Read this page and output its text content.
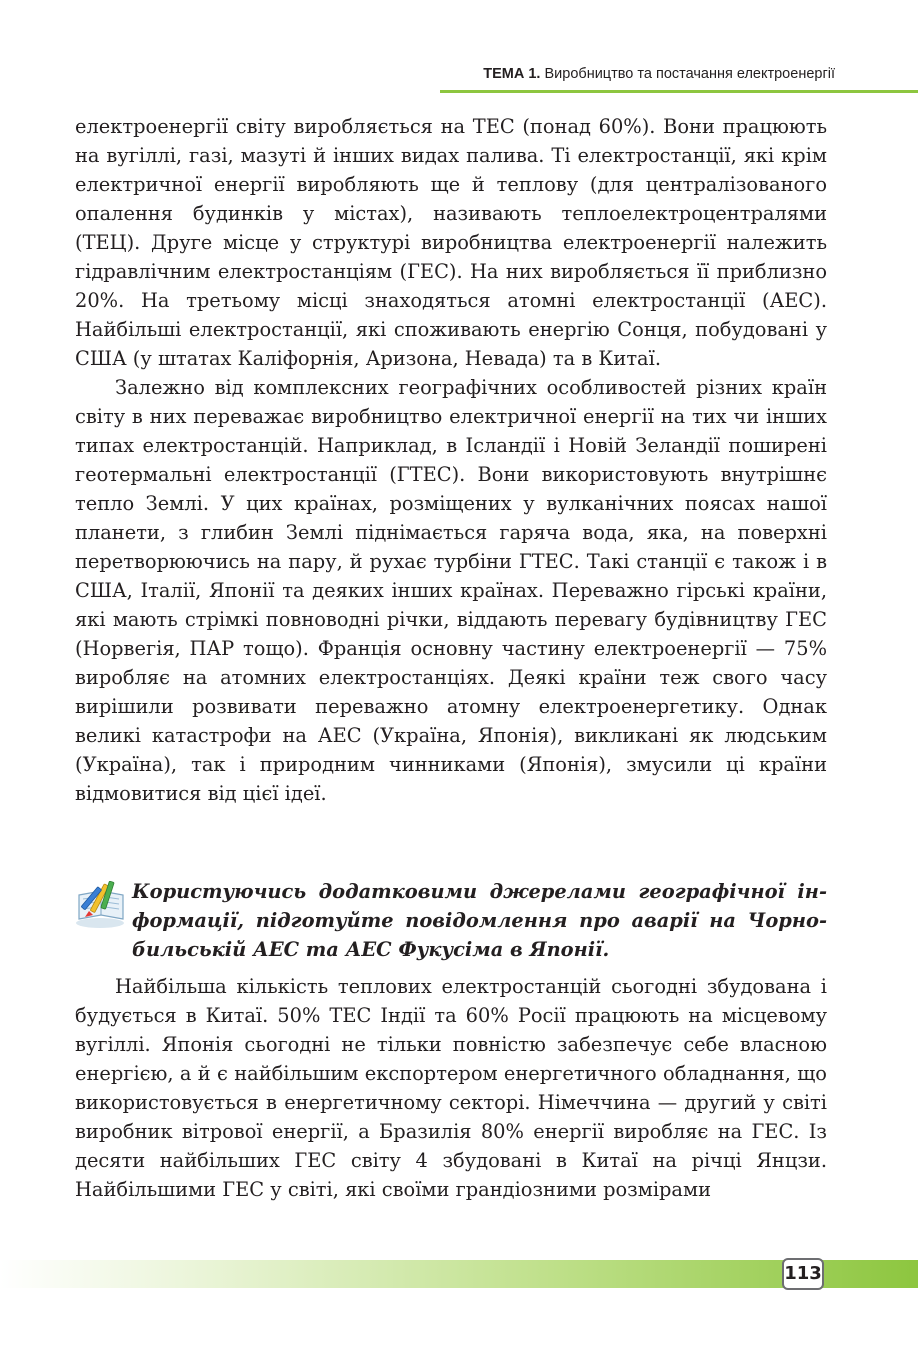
ТЕМА 1. Виробництво та постачання електроенергії

електроенергії світу виробляється на ТЕС (понад 60%). Вони працюють на вугіллі, газі, мазуті й інших видах палива. Ті електростанції, які крім електричної енергії виробляють ще й теплову (для централізованого опалення будинків у містах), називають теплоелектроцентралями (ТЕЦ). Друге місце у структурі виробництва електроенергії належить гідравлічним електростанціям (ГЕС). На них виробляється її приблизно 20%. На третьому місці знаходяться атомні електростанції (АЕС). Найбільші електростанції, які споживають енергію Сонця, побудовані у США (у штатах Каліфорнія, Аризона, Невада) та в Китаї.

Залежно від комплексних географічних особливостей різних країн світу в них переважає виробництво електричної енергії на тих чи інших типах електростанцій. Наприклад, в Ісландії і Новій Зеландії поширені геотермальні електростанції (ГТЕС). Вони використовують внутрішнє тепло Землі. У цих країнах, розміщених у вулканічних поясах нашої планети, з глибин Землі піднімається гаряча вода, яка, на поверхні перетворюючись на пару, й рухає турбіни ГТЕС. Такі станції є також і в США, Італії, Японії та деяких інших країнах. Переважно гірські країни, які мають стрімкі повноводні річки, віддають перевагу будівництву ГЕС (Норвегія, ПАР тощо). Франція основну частину електроенергії — 75% виробляє на атомних електростанціях. Деякі країни теж свого часу вирішили розвивати переважно атомну електроенергетику. Однак великі катастрофи на АЕС (Україна, Японія), викликані як людським (Україна), так і природним чинниками (Японія), змусили ці країни відмовитися від цієї ідеї.

Користуючись додатковими джерелами географічної інформації, підготуйте повідомлення про аварії на Чорнобильській АЕС та АЕС Фукусіма в Японії.

Найбільша кількість теплових електростанцій сьогодні збудована і будується в Китаї. 50% ТЕС Індії та 60% Росії працюють на місцевому вугіллі. Японія сьогодні не тільки повністю забезпечує себе власною енергією, а й є найбільшим експортером енергетичного обладнання, що використовується в енергетичному секторі. Німеччина — другий у світі виробник вітрової енергії, а Бразилія 80% енергії виробляє на ГЕС. Із десяти найбільших ГЕС світу 4 збудовані в Китаї на річці Янцзи. Найбільшими ГЕС у світі, які своїми грандіозними розмірами

113
